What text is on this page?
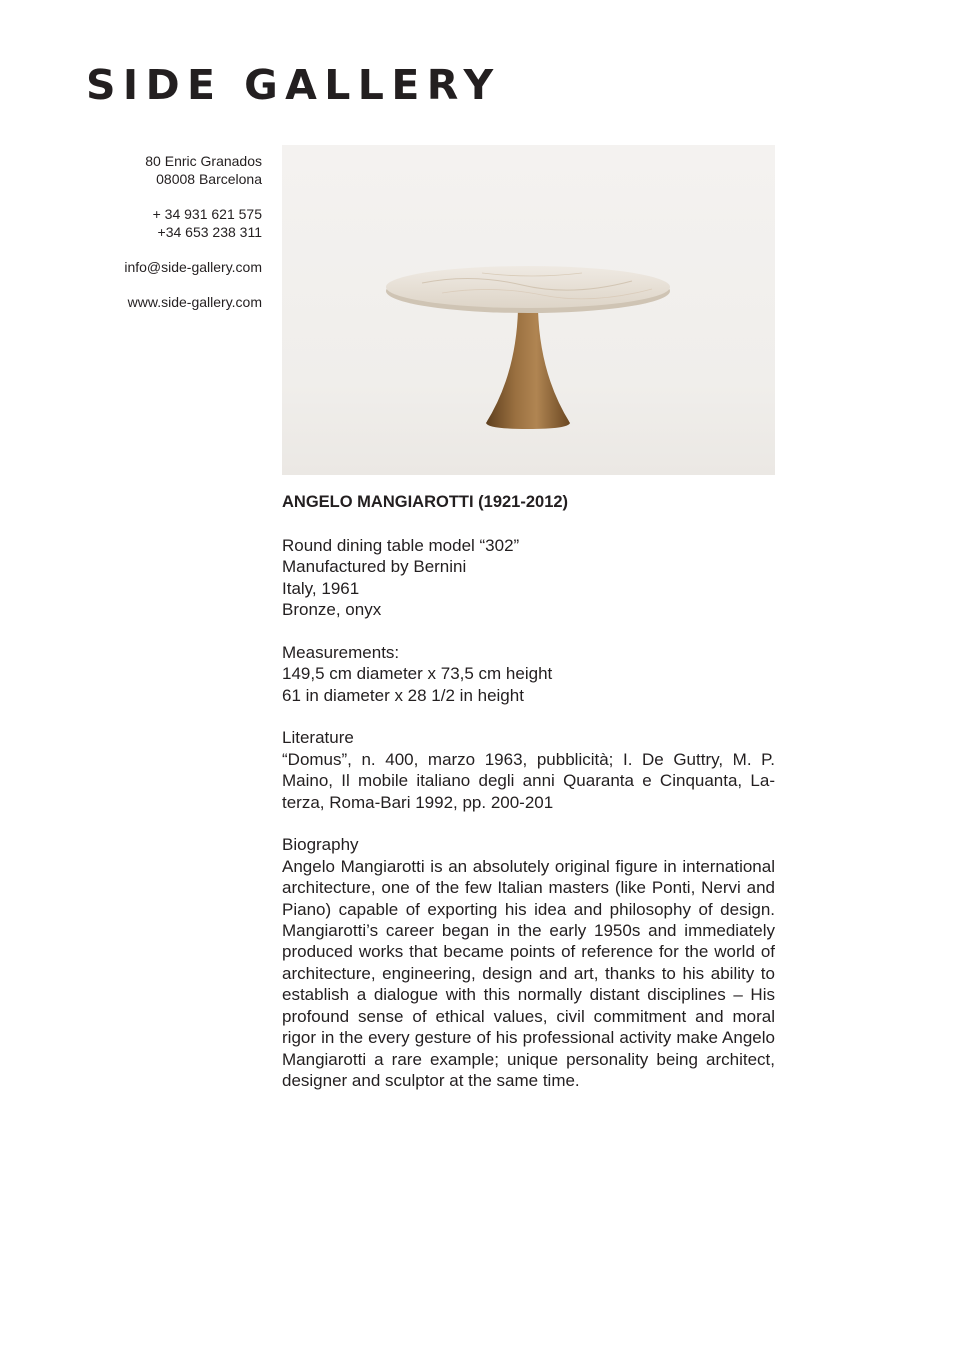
SIDE GALLERY
80 Enric Granados
08008 Barcelona
+ 34 931 621 575
+34 653 238 311
info@side-gallery.com
www.side-gallery.com
ANGELO MANGIAROTTI (1921-2012)
Round dining table model “302”
Manufactured by Bernini
Italy, 1961
Bronze, onyx
Measurements:
149,5 cm diameter x 73,5 cm height
61 in diameter x 28 1/2 in height
Literature

“Domus”, n. 400, marzo 1963, pubblicità; I. De Guttry, M. P. Maino, Il mobile italiano degli anni Quaranta e Cinquanta, Laterza, Roma-Bari 1992, pp. 200-201

Biography

Angelo Mangiarotti is an absolutely original figure in international architecture, one of the few Italian masters (like Ponti, Nervi and Piano) capable of exporting his idea and philosophy of design. Mangiarotti’s career began in the early 1950s and immediately produced works that became points of reference for the world of architecture, engineering, design and art, thanks to his ability to establish a dialogue with this normally distant disciplines – His profound sense of ethical values, civil commitment and moral rigor in the every gesture of his professional activity make Angelo Mangiarotti a rare example; unique personality being architect, designer and sculptor at the same time.
